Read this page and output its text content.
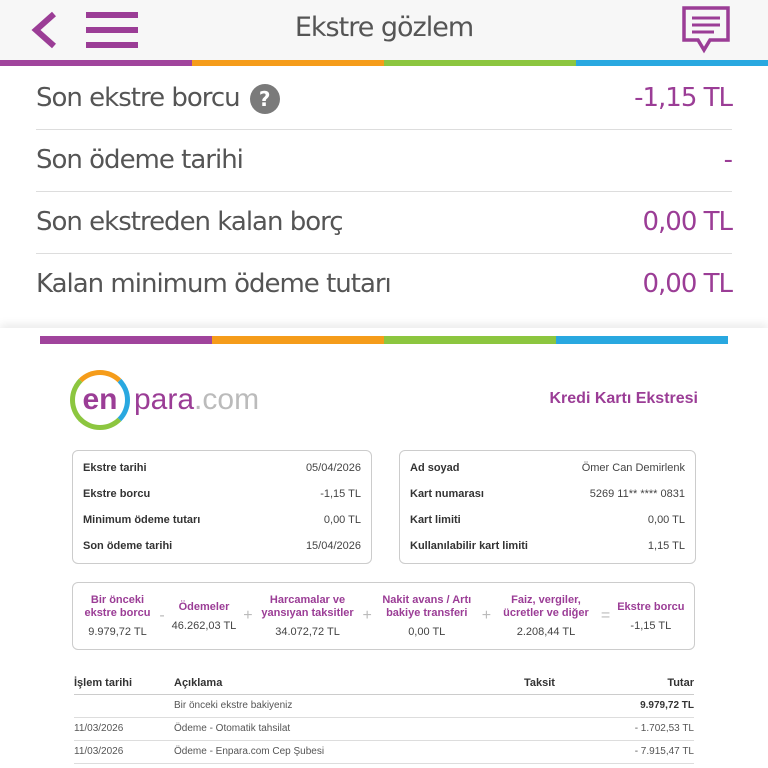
Ekstre gözlem
Son ekstre borcu ?	-1,15 TL
Son ödeme tarihi	-
Son ekstreden kalan borç	0,00 TL
Kalan minimum ödeme tutarı	0,00 TL
en para.com	Kredi Kartı Ekstresi
Ekstre tarihi	05/04/2026
Ekstre borcu	-1,15 TL
Minimum ödeme tutarı	0,00 TL
Son ödeme tarihi	15/04/2026
Ad soyad	Ömer Can Demirlenk
Kart numarası	5269 11** **** 0831
Kart limiti	0,00 TL
Kullanılabilir kart limiti	1,15 TL
Bir önceki ekstre borcu
9.979,72 TL
-
Ödemeler
46.262,03 TL
+
Harcamalar ve yansıyan taksitler
34.072,72 TL
+
Nakit avans / Artı bakiye transferi
0,00 TL
+
Faiz, vergiler, ücretler ve diğer
2.208,44 TL
=
Ekstre borcu
-1,15 TL
İşlem tarihi	Açıklama	Taksit	Tutar
	Bir önceki ekstre bakiyeniz		9.979,72 TL
11/03/2026	Ödeme - Otomatik tahsilat		- 1.702,53 TL
11/03/2026	Ödeme - Enpara.com Cep Şubesi		- 7.915,47 TL
